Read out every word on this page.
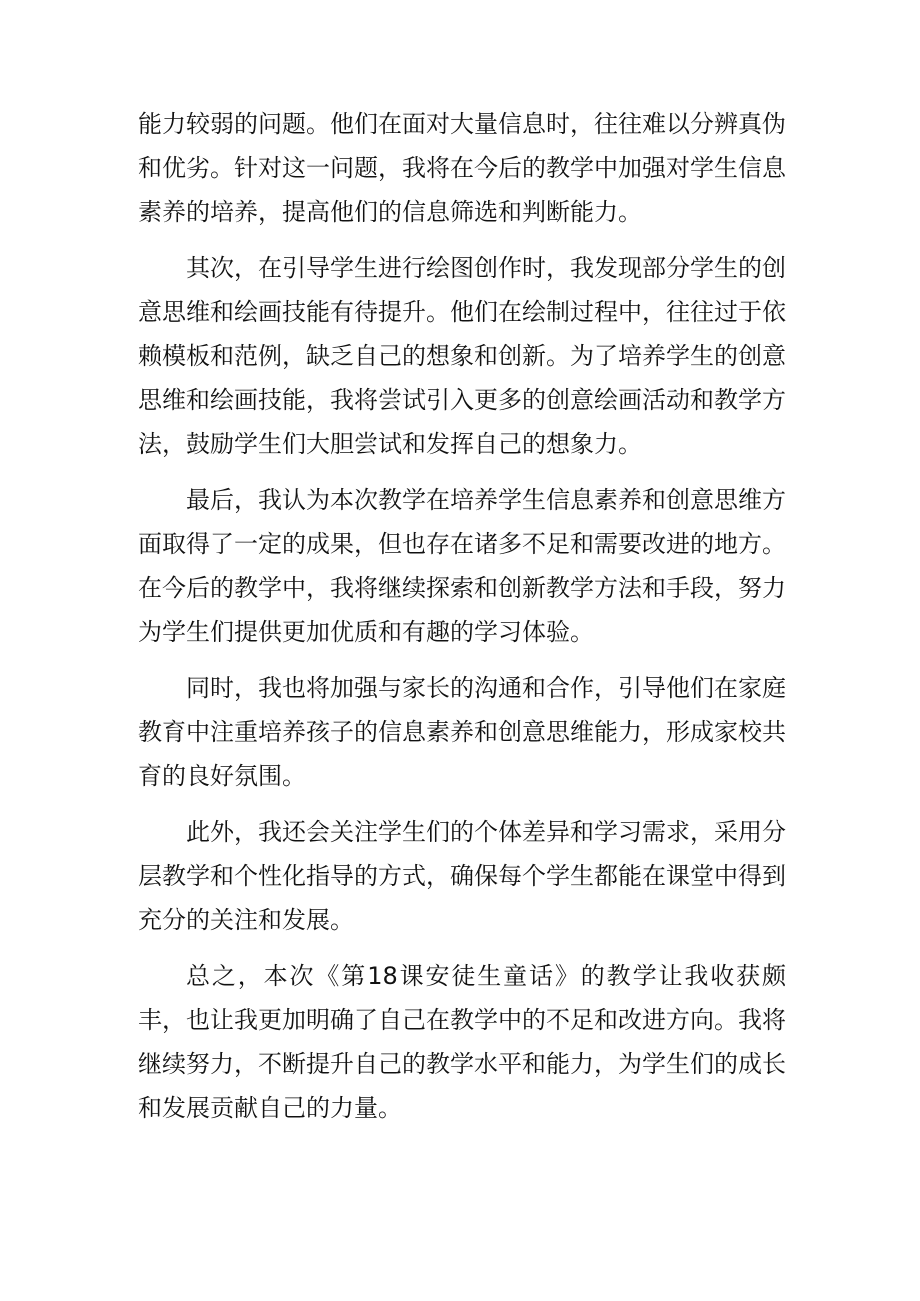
能力较弱的问题。他们在面对大量信息时，往往难以分辨真伪和优劣。针对这一问题，我将在今后的教学中加强对学生信息素养的培养，提高他们的信息筛选和判断能力。

其次，在引导学生进行绘图创作时，我发现部分学生的创意思维和绘画技能有待提升。他们在绘制过程中，往往过于依赖模板和范例，缺乏自己的想象和创新。为了培养学生的创意思维和绘画技能，我将尝试引入更多的创意绘画活动和教学方法，鼓励学生们大胆尝试和发挥自己的想象力。

最后，我认为本次教学在培养学生信息素养和创意思维方面取得了一定的成果，但也存在诸多不足和需要改进的地方。在今后的教学中，我将继续探索和创新教学方法和手段，努力为学生们提供更加优质和有趣的学习体验。

同时，我也将加强与家长的沟通和合作，引导他们在家庭教育中注重培养孩子的信息素养和创意思维能力，形成家校共育的良好氛围。

此外，我还会关注学生们的个体差异和学习需求，采用分层教学和个性化指导的方式，确保每个学生都能在课堂中得到充分的关注和发展。

总之，本次《第18课安徒生童话》的教学让我收获颇丰，也让我更加明确了自己在教学中的不足和改进方向。我将继续努力，不断提升自己的教学水平和能力，为学生们的成长和发展贡献自己的力量。
